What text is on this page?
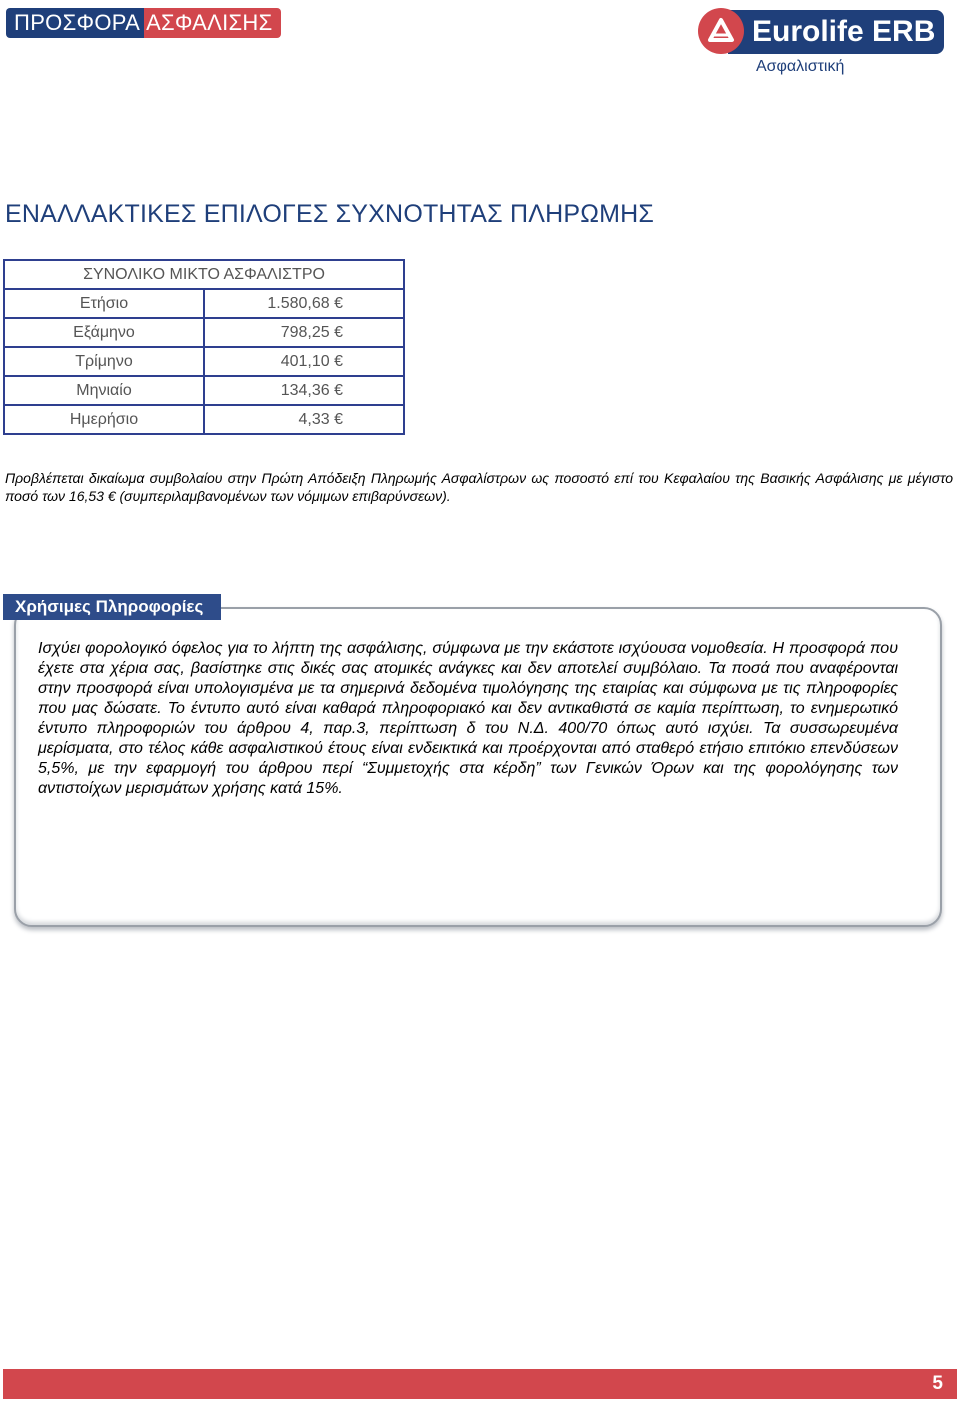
ΠΡΟΣΦΟΡΑ ΑΣΦΑΛΙΣΗΣ	Eurolife ERB
Ασφαλιστική
ΕΝΑΛΛΑΚΤΙΚΕΣ ΕΠΙΛΟΓΕΣ ΣΥΧΝΟΤΗΤΑΣ ΠΛΗΡΩΜΗΣ
ΣΥΝΟΛΙΚΟ ΜΙΚΤΟ ΑΣΦΑΛΙΣΤΡΟ	
Ετήσιο	1.580,68 €
Εξάμηνο	798,25 €
Τρίμηνο	401,10 €
Μηνιαίο	134,36 €
Ημερήσιο	4,33 €

Προβλέπεται δικαίωμα συμβολαίου στην Πρώτη Απόδειξη Πληρωμής Ασφαλίστρων ως ποσοστό επί του Κεφαλαίου της Βασικής Ασφάλισης με μέγιστο ποσό των 16,53 € (συμπεριλαμβανομένων των νόμιμων επιβαρύνσεων).

Χρήσιμες Πληροφορίες

Ισχύει φορολογικό όφελος για το λήπτη της ασφάλισης, σύμφωνα με την εκάστοτε ισχύουσα νομοθεσία. Η προσφορά που έχετε στα χέρια σας, βασίστηκε στις δικές σας ατομικές ανάγκες και δεν αποτελεί συμβόλαιο. Τα ποσά που αναφέρονται στην προσφορά είναι υπολογισμένα με τα σημερινά δεδομένα τιμολόγησης της εταιρίας και σύμφωνα με τις πληροφορίες που μας δώσατε. Το έντυπο αυτό είναι καθαρά πληροφοριακό και δεν αντικαθιστά σε καμία περίπτωση, το ενημερωτικό έντυπο πληροφοριών του άρθρου 4, παρ.3, περίπτωση δ του Ν.Δ. 400/70 όπως αυτό ισχύει. Τα συσσωρευμένα μερίσματα, στο τέλος κάθε ασφαλιστικού έτους είναι ενδεικτικά και προέρχονται από σταθερό ετήσιο επιτόκιο επενδύσεων 5,5%, με την εφαρμογή του άρθρου περί “Συμμετοχής στα κέρδη” των Γενικών Όρων και της φορολόγησης των αντιστοίχων μερισμάτων χρήσης κατά 15%.

5
